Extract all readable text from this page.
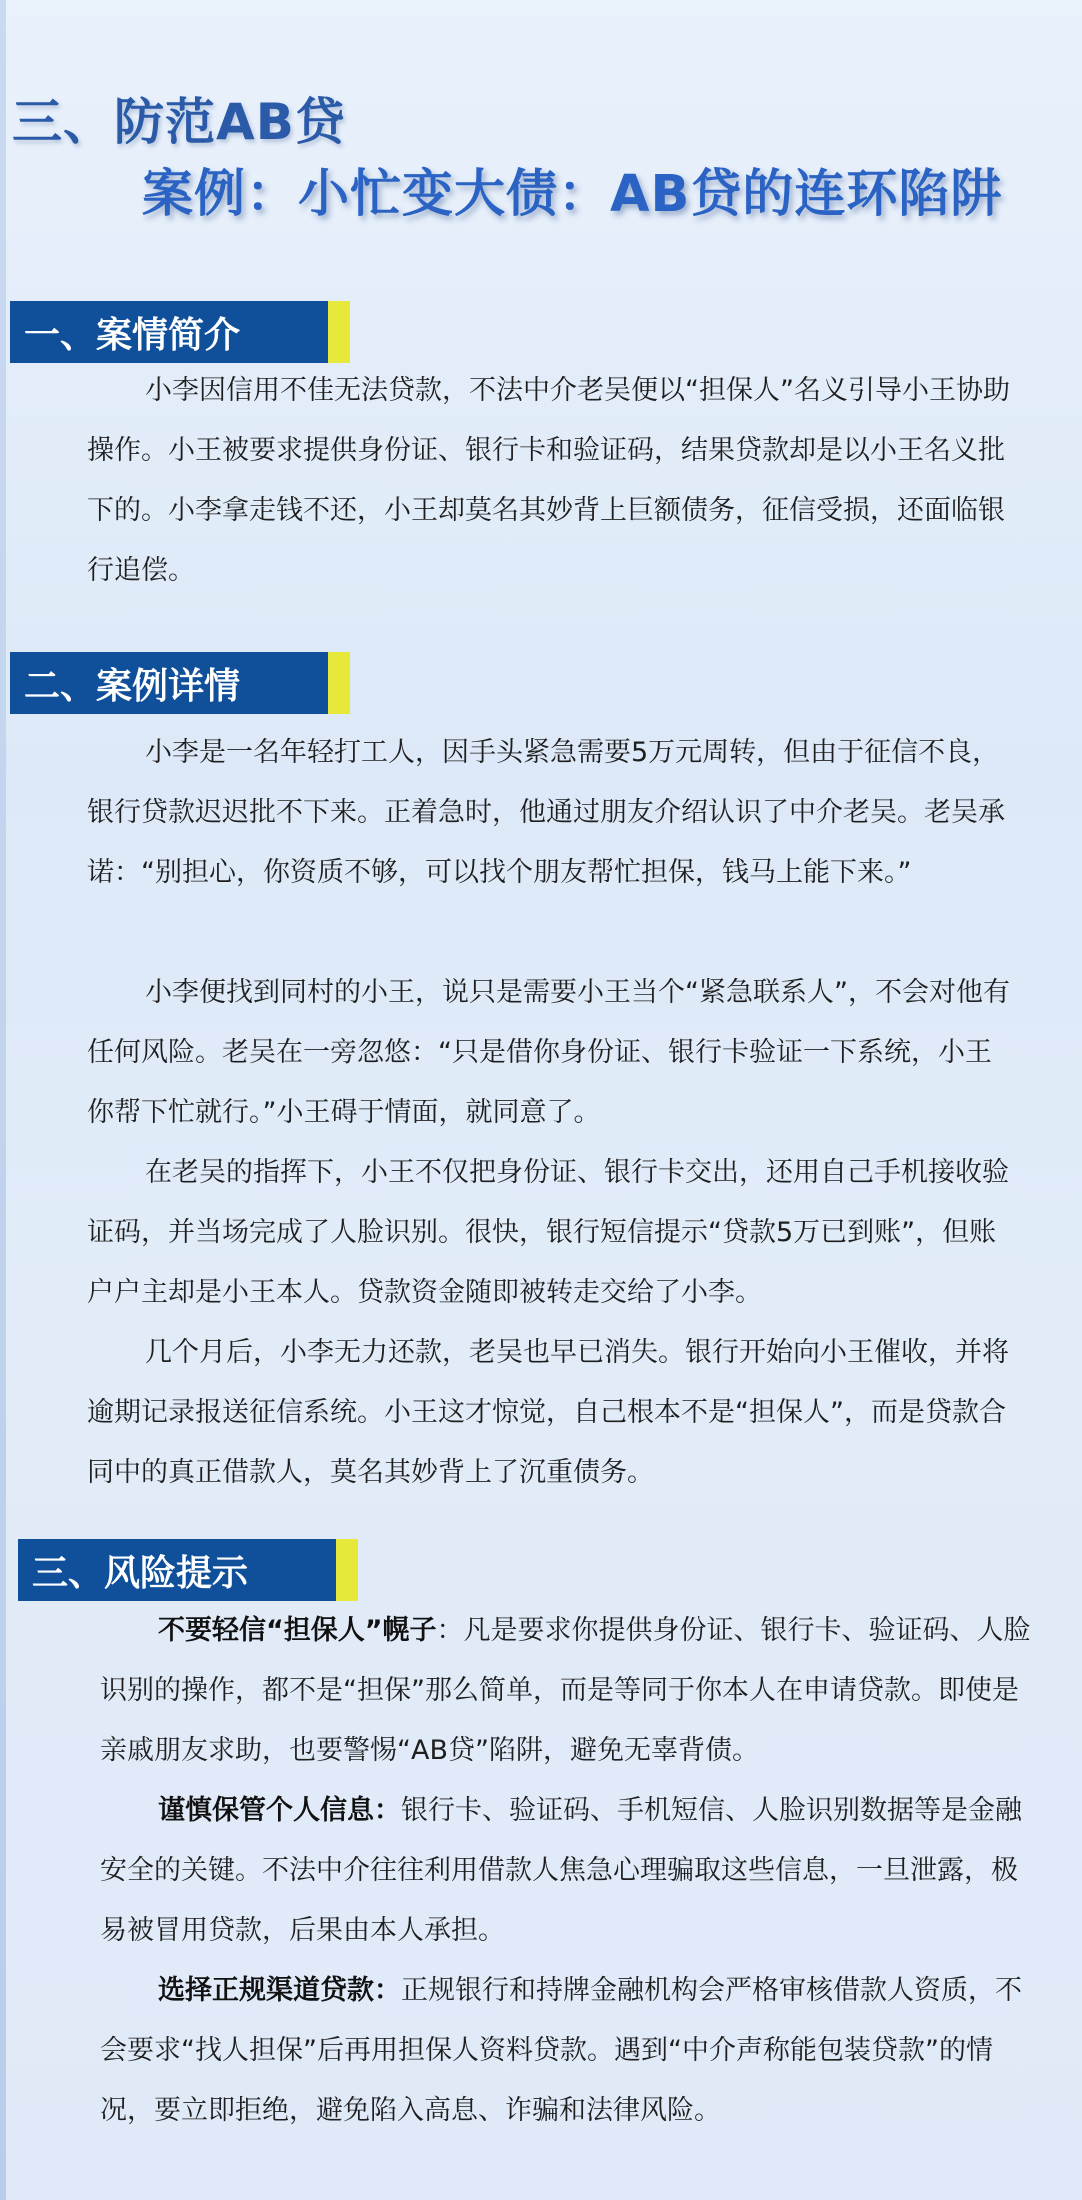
三、防范AB贷
案例：小忙变大债：AB贷的连环陷阱
一、案情简介

小李因信用不佳无法贷款，不法中介老吴便以“担保人”名义引导小王协助操作。小王被要求提供身份证、银行卡和验证码，结果贷款却是以小王名义批下的。小李拿走钱不还，小王却莫名其妙背上巨额债务，征信受损，还面临银行追偿。

二、案例详情

小李是一名年轻打工人，因手头紧急需要5万元周转，但由于征信不良，银行贷款迟迟批不下来。正着急时，他通过朋友介绍认识了中介老吴。老吴承诺：“别担心，你资质不够，可以找个朋友帮忙担保，钱马上能下来。”

小李便找到同村的小王，说只是需要小王当个“紧急联系人”，不会对他有任何风险。老吴在一旁忽悠：“只是借你身份证、银行卡验证一下系统，小王你帮下忙就行。”小王碍于情面，就同意了。

在老吴的指挥下，小王不仅把身份证、银行卡交出，还用自己手机接收验证码，并当场完成了人脸识别。很快，银行短信提示“贷款5万已到账”，但账户户主却是小王本人。贷款资金随即被转走交给了小李。

几个月后，小李无力还款，老吴也早已消失。银行开始向小王催收，并将逾期记录报送征信系统。小王这才惊觉，自己根本不是“担保人”，而是贷款合同中的真正借款人，莫名其妙背上了沉重债务。

三、风险提示

不要轻信“担保人”幌子：凡是要求你提供身份证、银行卡、验证码、人脸识别的操作，都不是“担保”那么简单，而是等同于你本人在申请贷款。即使是亲戚朋友求助，也要警惕“AB贷”陷阱，避免无辜背债。

谨慎保管个人信息：银行卡、验证码、手机短信、人脸识别数据等是金融安全的关键。不法中介往往利用借款人焦急心理骗取这些信息，一旦泄露，极易被冒用贷款，后果由本人承担。

选择正规渠道贷款：正规银行和持牌金融机构会严格审核借款人资质，不会要求“找人担保”后再用担保人资料贷款。遇到“中介声称能包装贷款”的情况，要立即拒绝，避免陷入高息、诈骗和法律风险。
